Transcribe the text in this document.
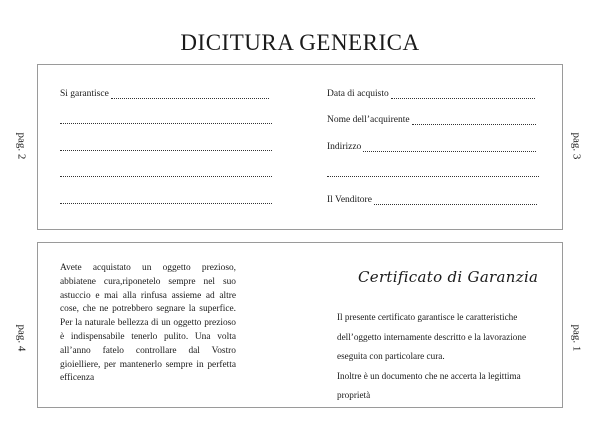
DICITURA GENERICA
pag. 2	pag. 3
pag. 4	pag. 1
Si garantisce	Data di acquisto
Nome dell’acquirente
Indirizzo
Il Venditore
Avete acquistato un oggetto prezioso, abbiatene cura,riponetelo sempre nel suo astuccio e mai alla rinfusa assieme ad altre cose, che ne potrebbero segnare la superfice. Per la naturale bellezza di un oggetto prezioso è indispensabile tenerlo pulito. Una volta all’anno fatelo controllare dal Vostro gioielliere, per mantenerlo sempre in perfetta efficenza
Certificato di Garanzia
Il presente certificato garantisce le caratteristiche
dell’oggetto internamente descritto e la lavorazione
eseguita con particolare cura.
Inoltre è un documento che ne accerta la legittima
proprietà
